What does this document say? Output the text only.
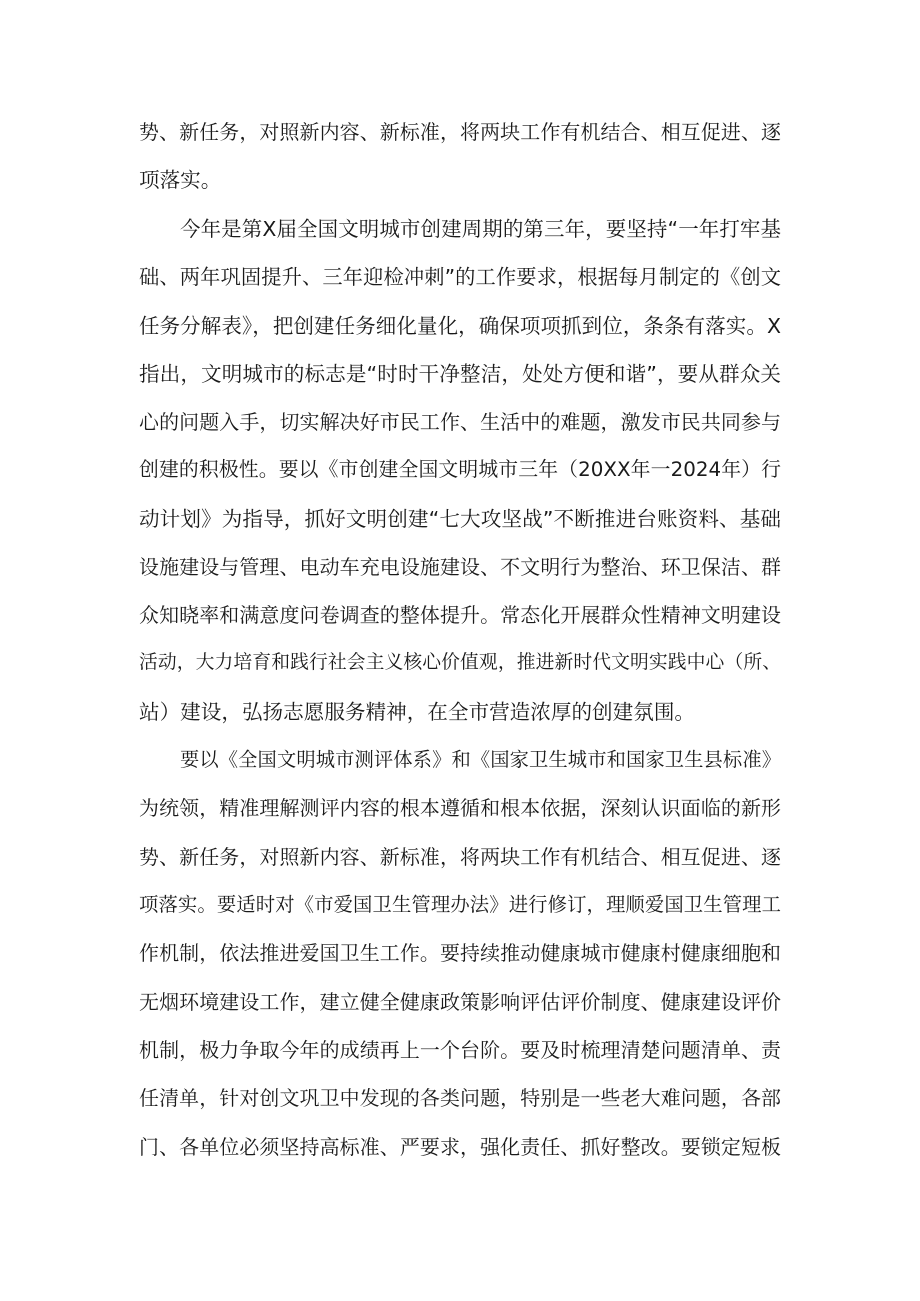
势、新任务，对照新内容、新标准，将两块工作有机结合、相互促进、逐
项落实。
今年是第X届全国文明城市创建周期的第三年，要坚持“一年打牢基
础、两年巩固提升、三年迎检冲刺”的工作要求，根据每月制定的《创文
任务分解表》，把创建任务细化量化，确保项项抓到位，条条有落实。X
指出，文明城市的标志是“时时干净整洁，处处方便和谐”，要从群众关
心的问题入手，切实解决好市民工作、生活中的难题，激发市民共同参与
创建的积极性。要以《市创建全国文明城市三年（20XX年一2024年）行
动计划》为指导，抓好文明创建“七大攻坚战”不断推进台账资料、基础
设施建设与管理、电动车充电设施建设、不文明行为整治、环卫保洁、群
众知晓率和满意度问卷调查的整体提升。常态化开展群众性精神文明建设
活动，大力培育和践行社会主义核心价值观，推进新时代文明实践中心（所、
站）建设，弘扬志愿服务精神，在全市营造浓厚的创建氛围。
要以《全国文明城市测评体系》和《国家卫生城市和国家卫生县标准》
为统领，精准理解测评内容的根本遵循和根本依据，深刻认识面临的新形
势、新任务，对照新内容、新标准，将两块工作有机结合、相互促进、逐
项落实。要适时对《市爱国卫生管理办法》进行修订，理顺爱国卫生管理工
作机制，依法推进爱国卫生工作。要持续推动健康城市健康村健康细胞和
无烟环境建设工作，建立健全健康政策影响评估评价制度、健康建设评价
机制，极力争取今年的成绩再上一个台阶。要及时梳理清楚问题清单、责
任清单，针对创文巩卫中发现的各类问题，特别是一些老大难问题，各部
门、各单位必须坚持高标准、严要求，强化责任、抓好整改。要锁定短板
